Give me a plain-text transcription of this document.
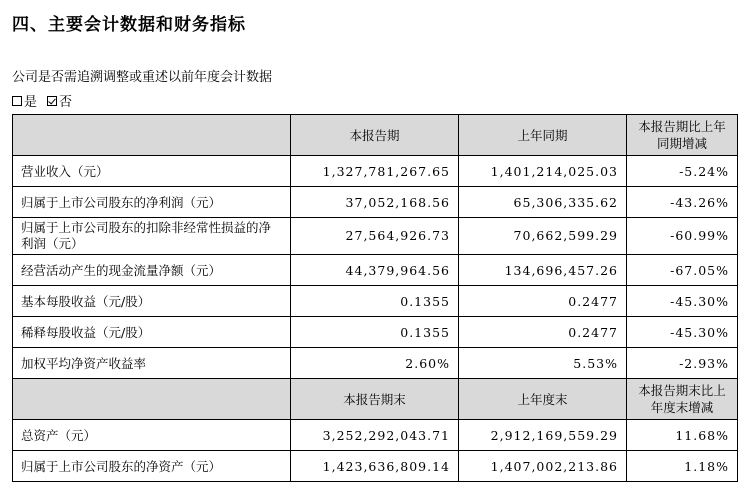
四、主要会计数据和财务指标
公司是否需追溯调整或重述以前年度会计数据
是 否
	本报告期	上年同期	本报告期比上年同期增减
营业收入（元）	1,327,781,267.65	1,401,214,025.03	-5.24%
归属于上市公司股东的净利润（元）	37,052,168.56	65,306,335.62	-43.26%
归属于上市公司股东的扣除非经常性损益的净利润（元）	27,564,926.73	70,662,599.29	-60.99%
经营活动产生的现金流量净额（元）	44,379,964.56	134,696,457.26	-67.05%
基本每股收益（元/股）	0.1355	0.2477	-45.30%
稀释每股收益（元/股）	0.1355	0.2477	-45.30%
加权平均净资产收益率	2.60%	5.53%	-2.93%
	本报告期末	上年度末	本报告期末比上年度末增减
总资产（元）	3,252,292,043.71	2,912,169,559.29	11.68%
归属于上市公司股东的净资产（元）	1,423,636,809.14	1,407,002,213.86	1.18%
